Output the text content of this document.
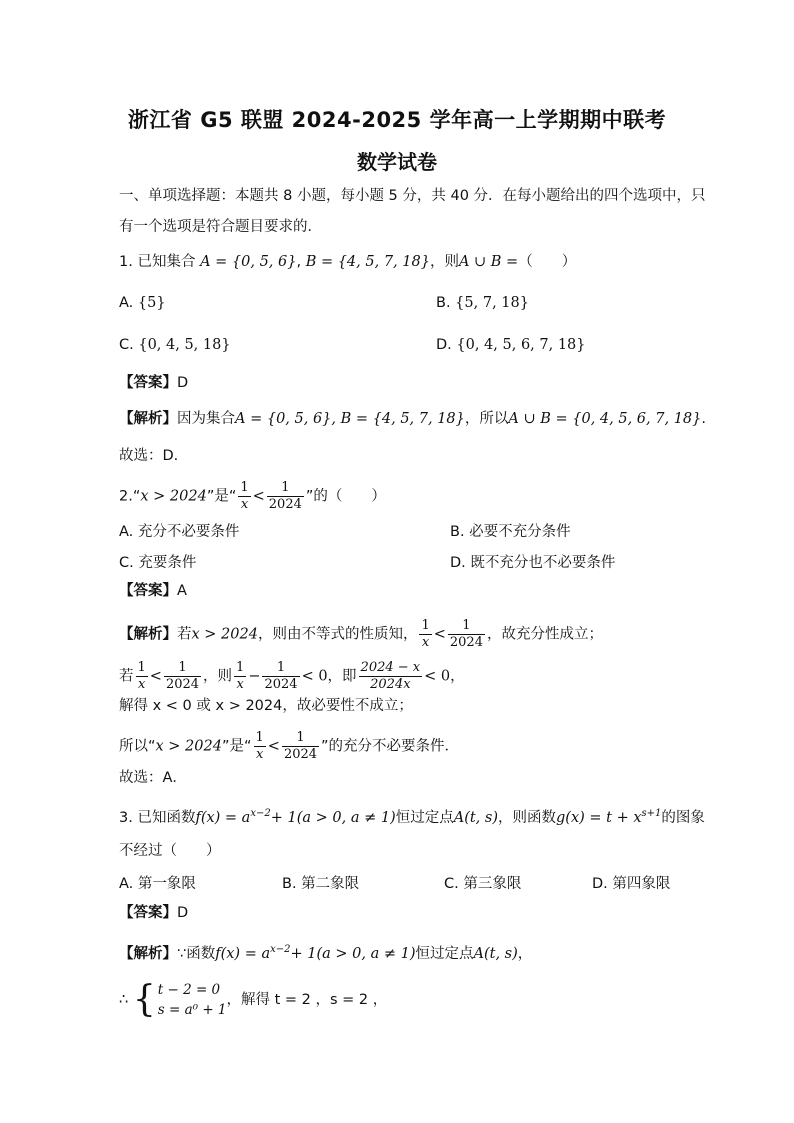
浙江省 G5 联盟 2024-2025 学年高一上学期期中联考
数学试卷
一、单项选择题：本题共 8 小题，每小题 5 分，共 40 分．在每小题给出的四个选项中，只
有一个选项是符合题目要求的．
1. 已知集合 A = {0, 5, 6}, B = {4, 5, 7, 18}，则A ∪ B =（　　）
A. {5}	B. {5, 7, 18}
C. {0, 4, 5, 18}	D. {0, 4, 5, 6, 7, 18}
【答案】D
【解析】因为集合A = {0, 5, 6}, B = {4, 5, 7, 18}，所以A ∪ B = {0, 4, 5, 6, 7, 18}.
故选：D.
2.“x > 2024”是“ $\frac{1}{x} < \frac{1}{2024}$ ”的（　　）
A. 充分不必要条件	B. 必要不充分条件
C. 充要条件	D. 既不充分也不必要条件
【答案】A
【解析】若x > 2024，则由不等式的性质知， $\frac{1}{x} < \frac{1}{2024}$ ，故充分性成立；
若 $\frac{1}{x} < \frac{1}{2024}$ ，则 $\frac{1}{x} - \frac{1}{2024} < 0$，即 $\frac{2024 - x}{2024x} < 0$，
解得 x < 0 或 x > 2024，故必要性不成立；
所以“x > 2024”是“ $\frac{1}{x} < \frac{1}{2024}$ ”的充分不必要条件．
故选：A．
3. 已知函数$f(x) = a^{x-2}+ 1(a > 0$, a ≠ 1)恒过定点A(t, s)，则函数$g(x) = t + x^{s+1}$的图象
不经过（　　）
A. 第一象限	B. 第二象限	C. 第三象限	D. 第四象限
【答案】D
【解析】∵函数$f(x) = a^{x-2}+ 1(a > 0$, a ≠ 1)恒过定点A(t, s)，
∴ { t − 2 = 0
s = a⁰ + 1
，解得 t = 2 ，s = 2 ，
